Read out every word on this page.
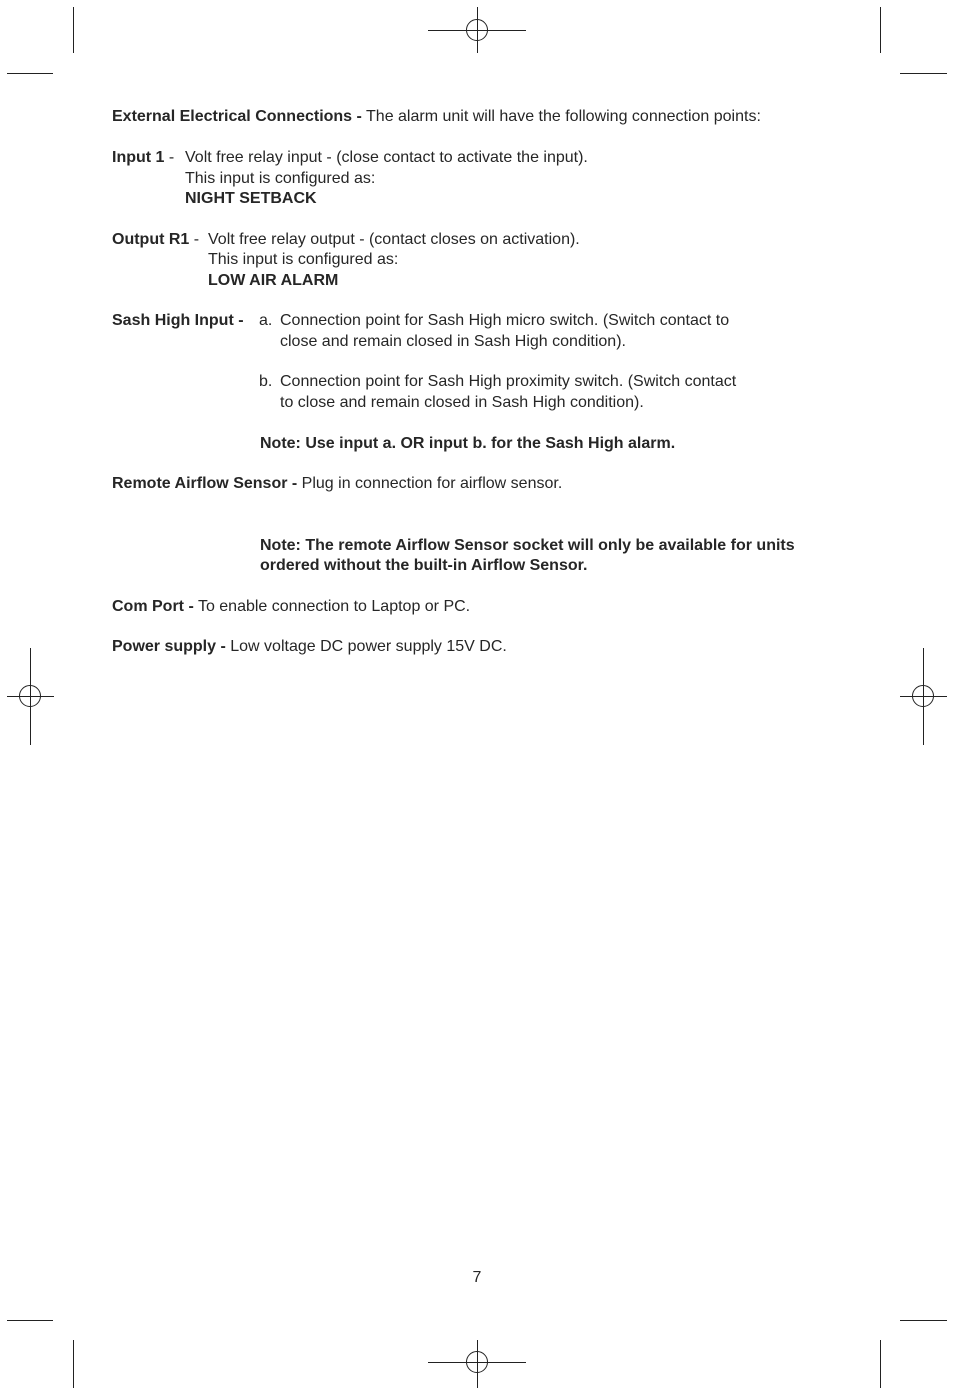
External Electrical Connections - The alarm unit will have the following connection points:
Input 1 - Volt free relay input - (close contact to activate the input).
This input is configured as:
NIGHT SETBACK
Output R1 - Volt free relay output - (contact closes on activation).
This input is configured as:
LOW AIR ALARM
Sash High Input - a. Connection point for Sash High micro switch. (Switch contact to
close and remain closed in Sash High condition).
b. Connection point for Sash High proximity switch. (Switch contact
to close and remain closed in Sash High condition).
Note: Use input a. OR input b. for the Sash High alarm.
Remote Airflow Sensor - Plug in connection for airflow sensor.
Note: The remote Airflow Sensor socket will only be available for units
ordered without the built-in Airflow Sensor.
Com Port - To enable connection to Laptop or PC.
Power supply - Low voltage DC power supply 15V DC.
7
